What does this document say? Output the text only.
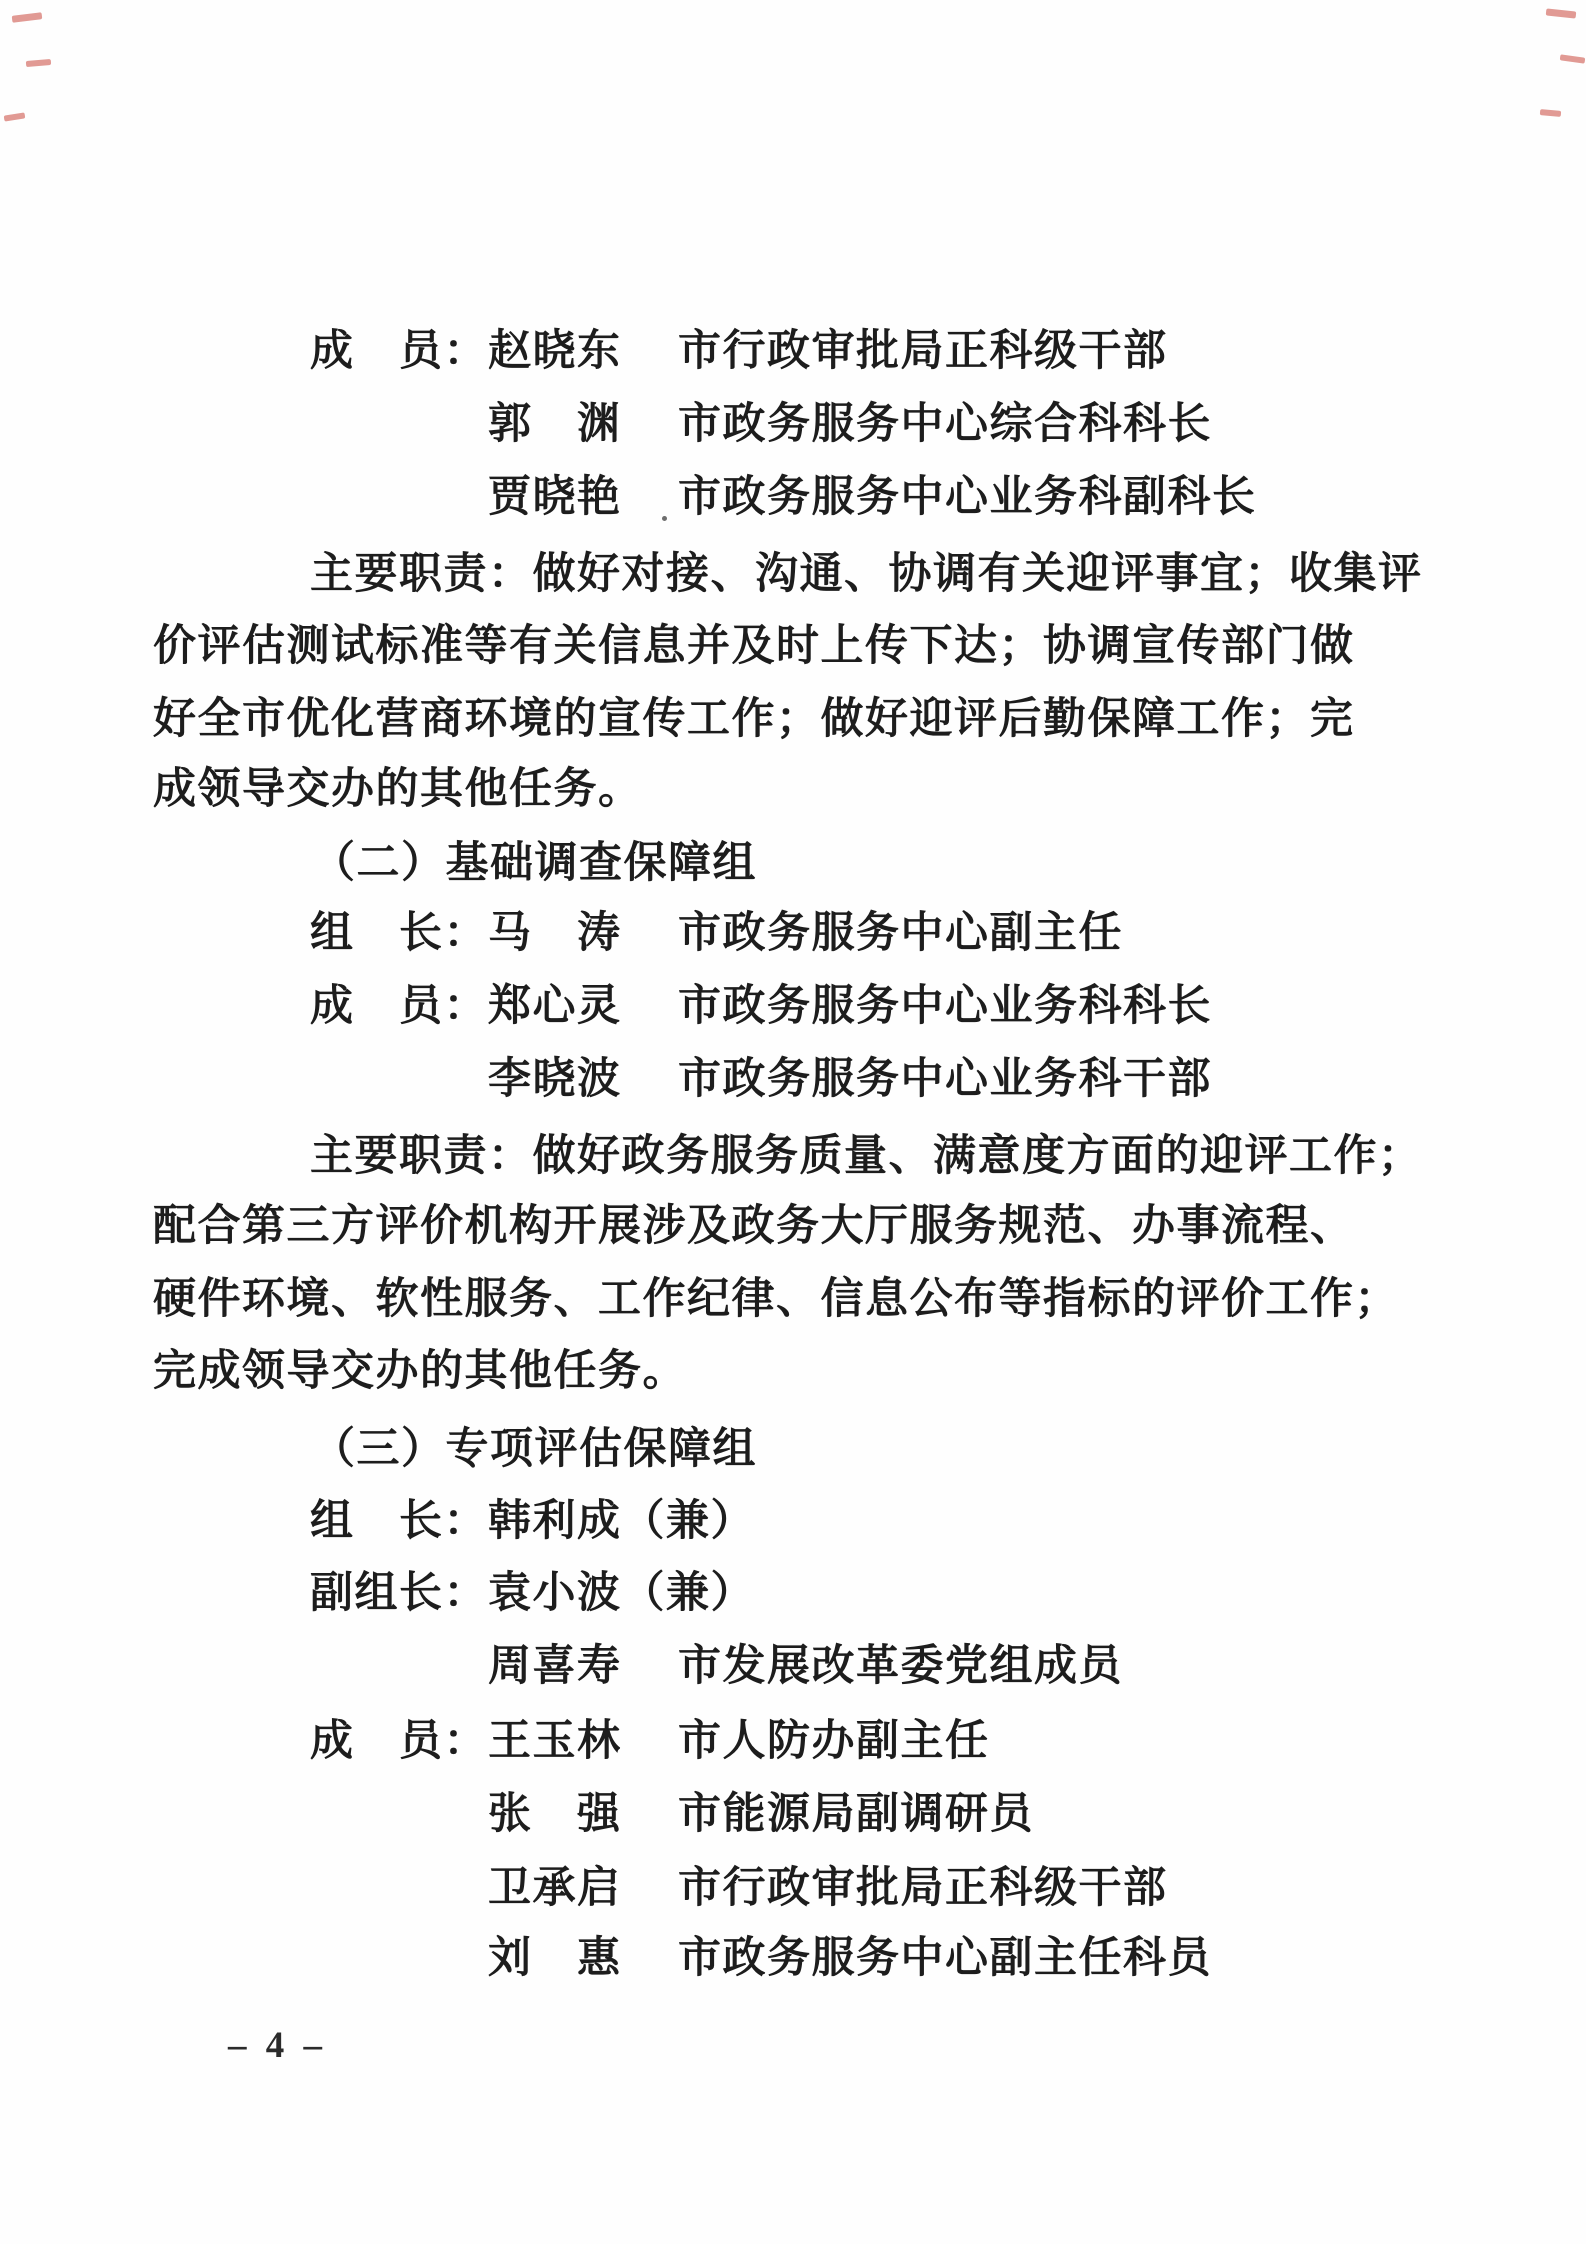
成　员： 赵晓东 市行政审批局正科级干部
郭　渊 市政务服务中心综合科科长
贾晓艳 市政务服务中心业务科副科长
主要职责：做好对接、沟通、协调有关迎评事宜；收集评
价评估测试标准等有关信息并及时上传下达；协调宣传部门做
好全市优化营商环境的宣传工作；做好迎评后勤保障工作；完
成领导交办的其他任务。
（二）基础调查保障组
组　长： 马　涛 市政务服务中心副主任
成　员： 郑心灵 市政务服务中心业务科科长
李晓波 市政务服务中心业务科干部
主要职责：做好政务服务质量、满意度方面的迎评工作；
配合第三方评价机构开展涉及政务大厅服务规范、办事流程、
硬件环境、软性服务、工作纪律、信息公布等指标的评价工作；
完成领导交办的其他任务。
（三）专项评估保障组
组　长： 韩利成（兼）
副组长： 袁小波（兼）
周喜寿 市发展改革委党组成员
成　员： 王玉林 市人防办副主任
张　强 市能源局副调研员
卫承启 市行政审批局正科级干部
刘　惠 市政务服务中心副主任科员
– 4 –
